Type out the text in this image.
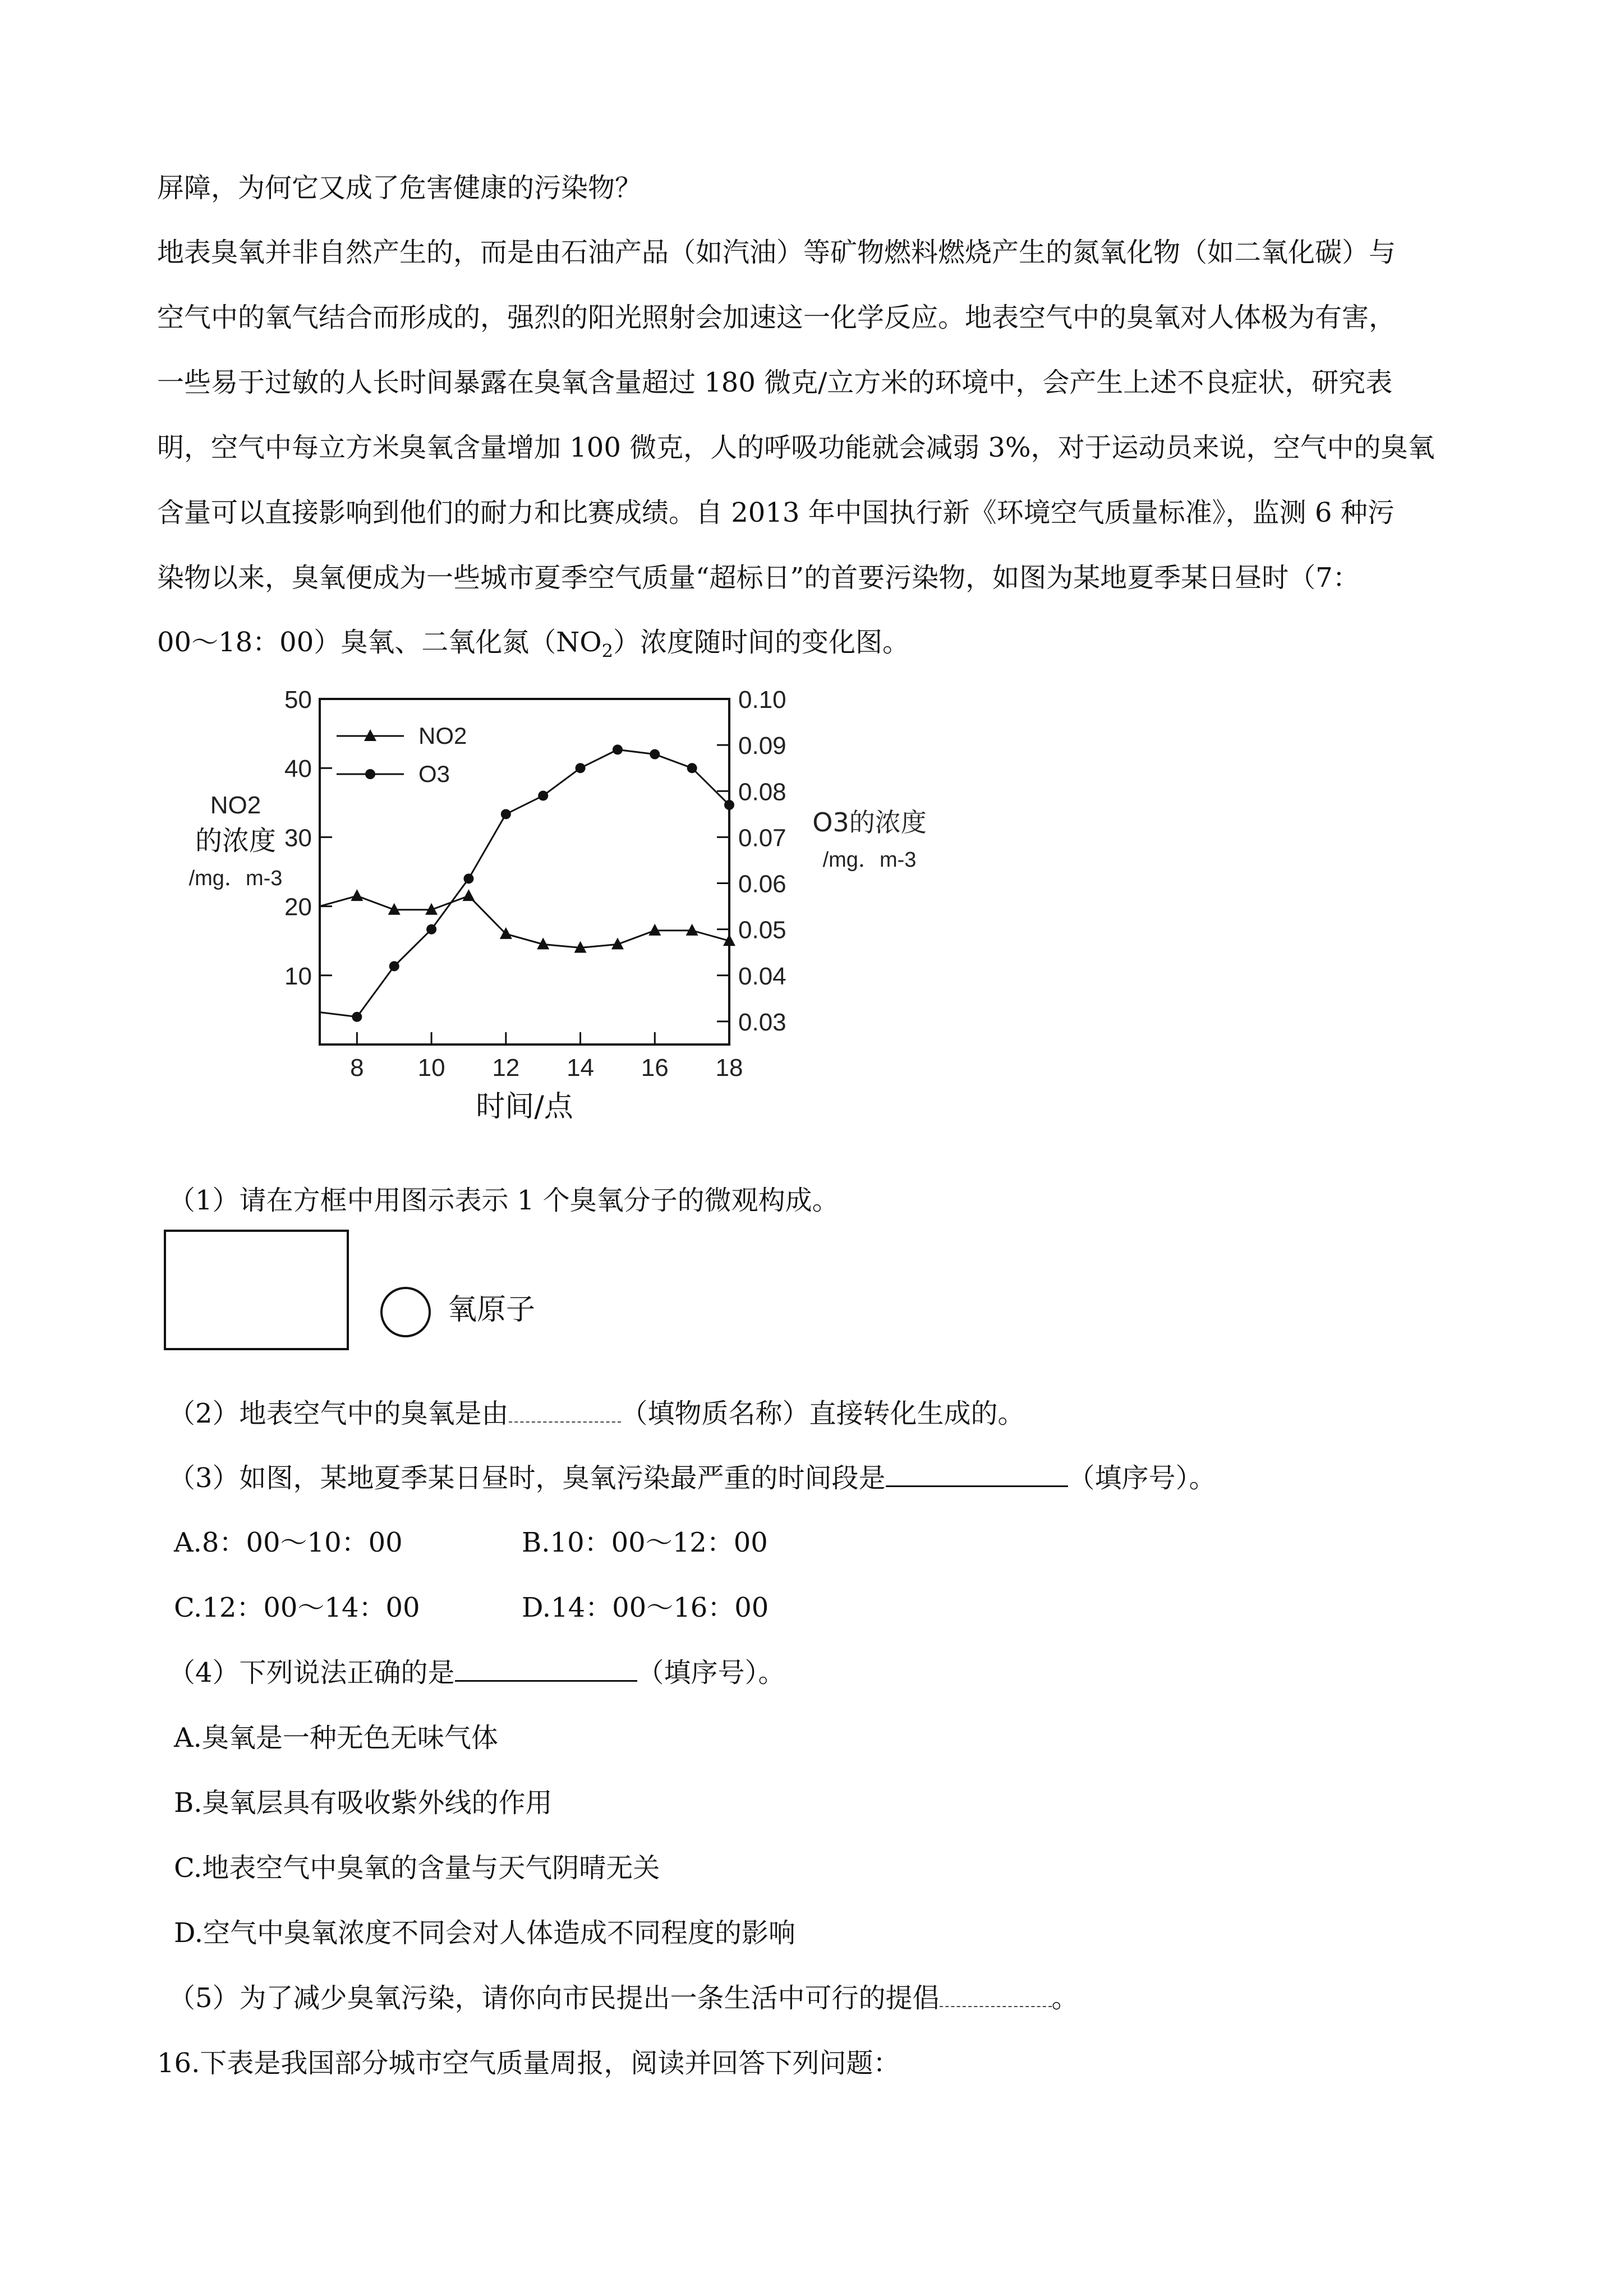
屏障，为何它又成了危害健康的污染物？
地表臭氧并非自然产生的，而是由石油产品（如汽油）等矿物燃料燃烧产生的氮氧化物（如二氧化碳）与
空气中的氧气结合而形成的，强烈的阳光照射会加速这一化学反应。地表空气中的臭氧对人体极为有害，
一些易于过敏的人长时间暴露在臭氧含量超过 180 微克/立方米的环境中，会产生上述不良症状，研究表
明，空气中每立方米臭氧含量增加 100 微克，人的呼吸功能就会减弱 3%，对于运动员来说，空气中的臭氧
含量可以直接影响到他们的耐力和比赛成绩。自 2013 年中国执行新《环境空气质量标准》，监测 6 种污
染物以来，臭氧便成为一些城市夏季空气质量“超标日”的首要污染物，如图为某地夏季某日昼时（7：
00～18：00）臭氧、二氧化氮$(NO_2)$浓度随时间的变化图。
10
20
30
40
50
0.03
0.04
0.05
0.06
0.07
0.08
0.09
0.10
8 10 12 14 16 18
时间/点
NO2
的浓度
/mg．m-3
O3的浓度
/mg．m-3
NO2
O3
（1）请在方框中用图示表示 1 个臭氧分子的微观构成。
氧原子
（2）地表空气中的臭氧是由	（填物质名称）直接转化生成的。
（3）如图，某地夏季某日昼时，臭氧污染最严重的时间段是	（填序号）。
A.8：00～10：00	B.10：00～12：00
C.12：00～14：00	D.14：00～16：00
（4）下列说法正确的是	（填序号）。
A.臭氧是一种无色无味气体
B.臭氧层具有吸收紫外线的作用
C.地表空气中臭氧的含量与天气阴晴无关
D.空气中臭氧浓度不同会对人体造成不同程度的影响
（5）为了减少臭氧污染，请你向市民提出一条生活中可行的提倡	。
16.下表是我国部分城市空气质量周报，阅读并回答下列问题：
